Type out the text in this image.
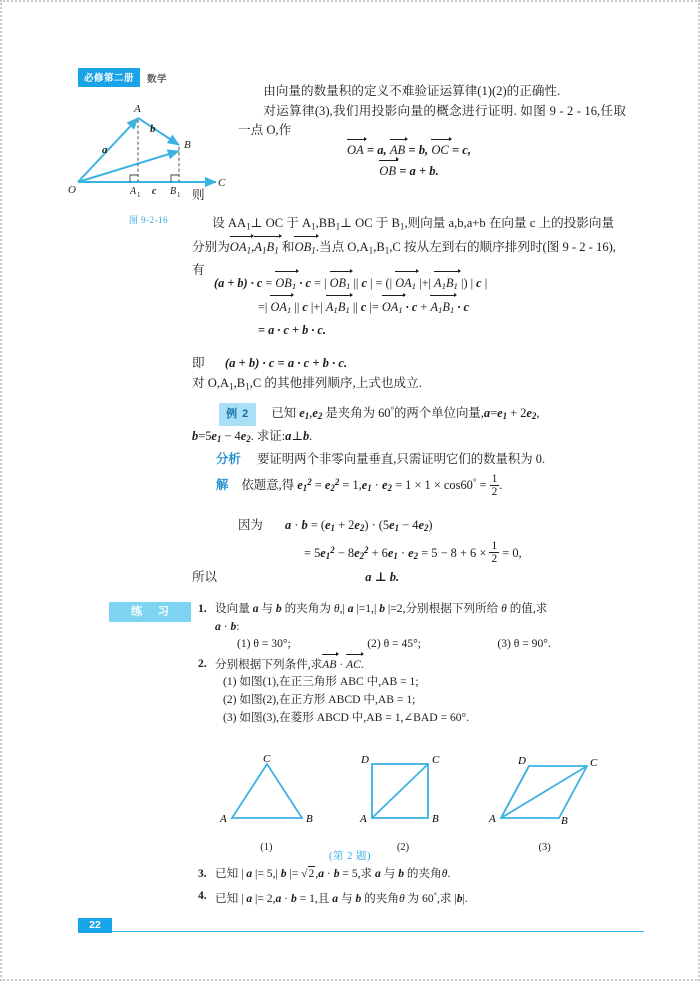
必修第二册	数学
A
B
C
O	A 1	B 1
c
a
b
图 9-2-16
由向量的数量积的定义不难验证运算律(1)(2)的正确性.
对运算律(3),我们用投影向量的概念进行证明. 如图 9 - 2 - 16,任取一点 O,作
OA = a, AB = b, OC = c,
OB = a + b.
则
设 $AA_1\perp$ ΟC 于 $A_1,BB_1\perp$ ΟC 于 $B_1$,则向量 a,b,a+b 在向量 c 上的投影向量分别为$OA_1,A_1B_1$ 和$OB_1$.当点 $O,A_1,B_1,C$ 按从左到右的顺序排列时(图 9 - 2 - 16),有
$(a + b) \cdot c = OB_1 \cdot c$ = | $OB_1$ || c | = (| $OA_1$ |+| $A_1B_1$ |) | c |
=| $OA_1$ || c |+| $A_1B_1$ || c |= $OA_1 \cdot c + A_1B_1 \cdot c$
= a · c + b · c.
即 (a + b) · c = a · c + b · c.
对 $O,A_1,B_1,C$ 的其他排列顺序,上式也成立.
例 2 已知 $e_1,e_2$ 是夹角为 60°的两个单位向量$,a=e_1 + 2e_2$,
$b=5e_1 - 4e_2$. 求证:a⊥b.
分析 要证明两个非零向量垂直,只需证明它们的数量积为 0.
解 依题意,得 $e_1^2 = e_2^2 = 1,e_1 \cdot e_2 = 1 \times 1 \times \cos 60^\circ = \frac{1}{2}$ .
因为 $a \cdot b = (e_1 + 2e_2) \cdot (5e_1 - 4e_2)$
= $5e_1^2 - 8e_2^2 + 6e_1 \cdot e_2 = 5 - 8 + 6 \times \frac{1}{2} = 0$,
所以	a ⊥ b.
练 习	1. 设向量 a 与 b 的夹角为 θ,| a |=1,| b |=2,分别根据下列所给 θ 的值,求
a · b:
(1) θ = 30°;	(2) θ = 45°;	(3) θ = 90°.
2. 分别根据下列条件,求AB · AC.
(1) 如图(1),在正三角形 ABC 中,AB = 1;
(2) 如图(2),在正方形 ABCD 中,AB = 1;
(3) 如图(3),在菱形 ABCD 中,AB = 1,∠BAD = 60°.
C
A	B
(1)
D	C
A	B
(2)
D	C
A	B
(3)
(第 2 题)
3. 已知 | a |= 5,| b |= √2,a · b = 5,求 a 与 b 的夹角θ.
4. 已知 | a |= 2,a · b = 1,且 a 与 b 的夹角θ 为 60°,求 |b|.
22
